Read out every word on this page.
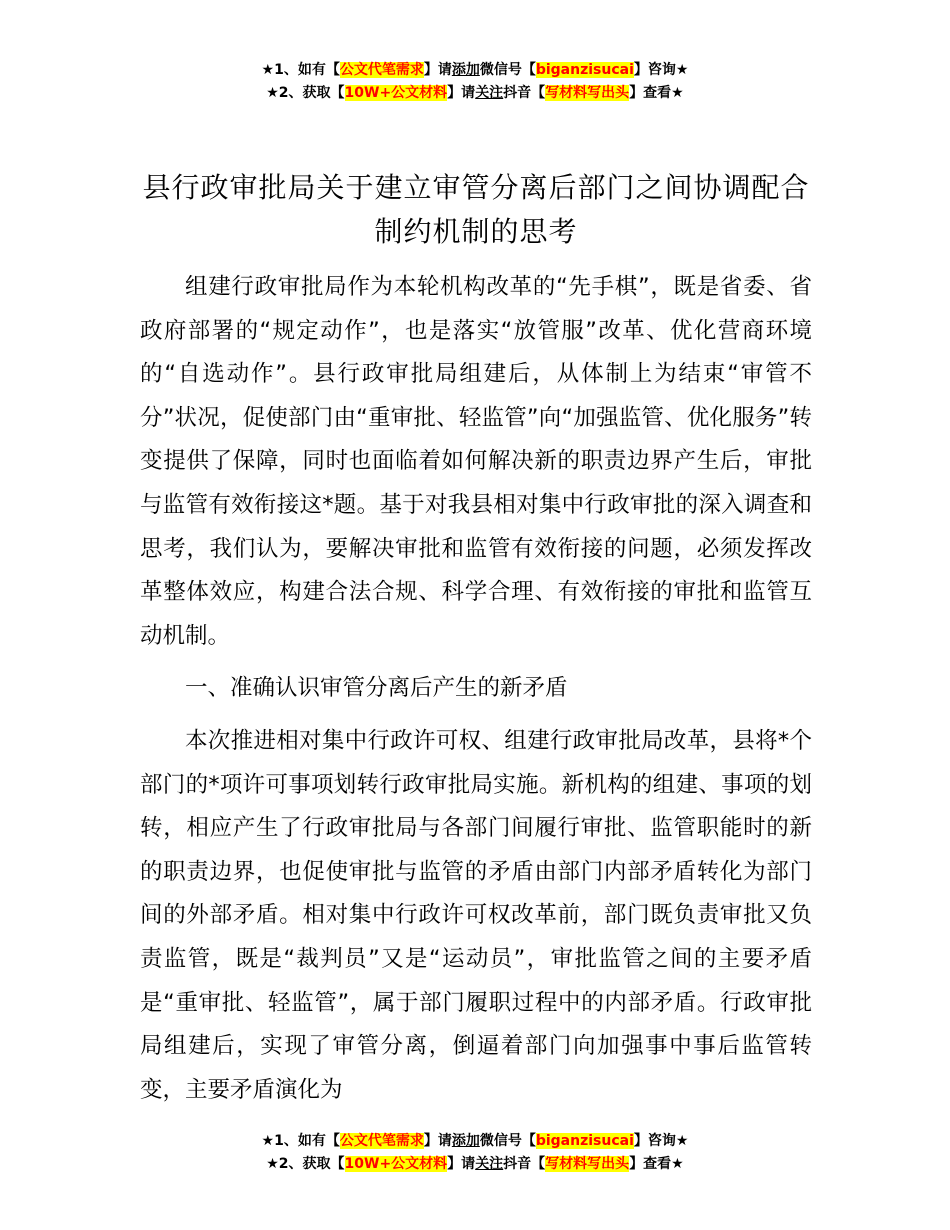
★1、如有【公文代笔需求】请添加微信号【biganzisucai】咨询★
★2、获取【10W+公文材料】请关注抖音【写材料写出头】查看★
县行政审批局关于建立审管分离后部门之间协调配合制约机制的思考

组建行政审批局作为本轮机构改革的“先手棋”，既是省委、省政府部署的“规定动作”，也是落实“放管服”改革、优化营商环境的“自选动作”。县行政审批局组建后，从体制上为结束“审管不分”状况，促使部门由“重审批、轻监管”向“加强监管、优化服务”转变提供了保障，同时也面临着如何解决新的职责边界产生后，审批与监管有效衔接这*题。基于对我县相对集中行政审批的深入调查和思考，我们认为，要解决审批和监管有效衔接的问题，必须发挥改革整体效应，构建合法合规、科学合理、有效衔接的审批和监管互动机制。

一、准确认识审管分离后产生的新矛盾

本次推进相对集中行政许可权、组建行政审批局改革，县将*个部门的*项许可事项划转行政审批局实施。新机构的组建、事项的划转，相应产生了行政审批局与各部门间履行审批、监管职能时的新的职责边界，也促使审批与监管的矛盾由部门内部矛盾转化为部门间的外部矛盾。相对集中行政许可权改革前，部门既负责审批又负责监管，既是“裁判员”又是“运动员”，审批监管之间的主要矛盾是“重审批、轻监管”，属于部门履职过程中的内部矛盾。行政审批局组建后，实现了审管分离，倒逼着部门向加强事中事后监管转变，主要矛盾演化为

★1、如有【公文代笔需求】请添加微信号【biganzisucai】咨询★
★2、获取【10W+公文材料】请关注抖音【写材料写出头】查看★
